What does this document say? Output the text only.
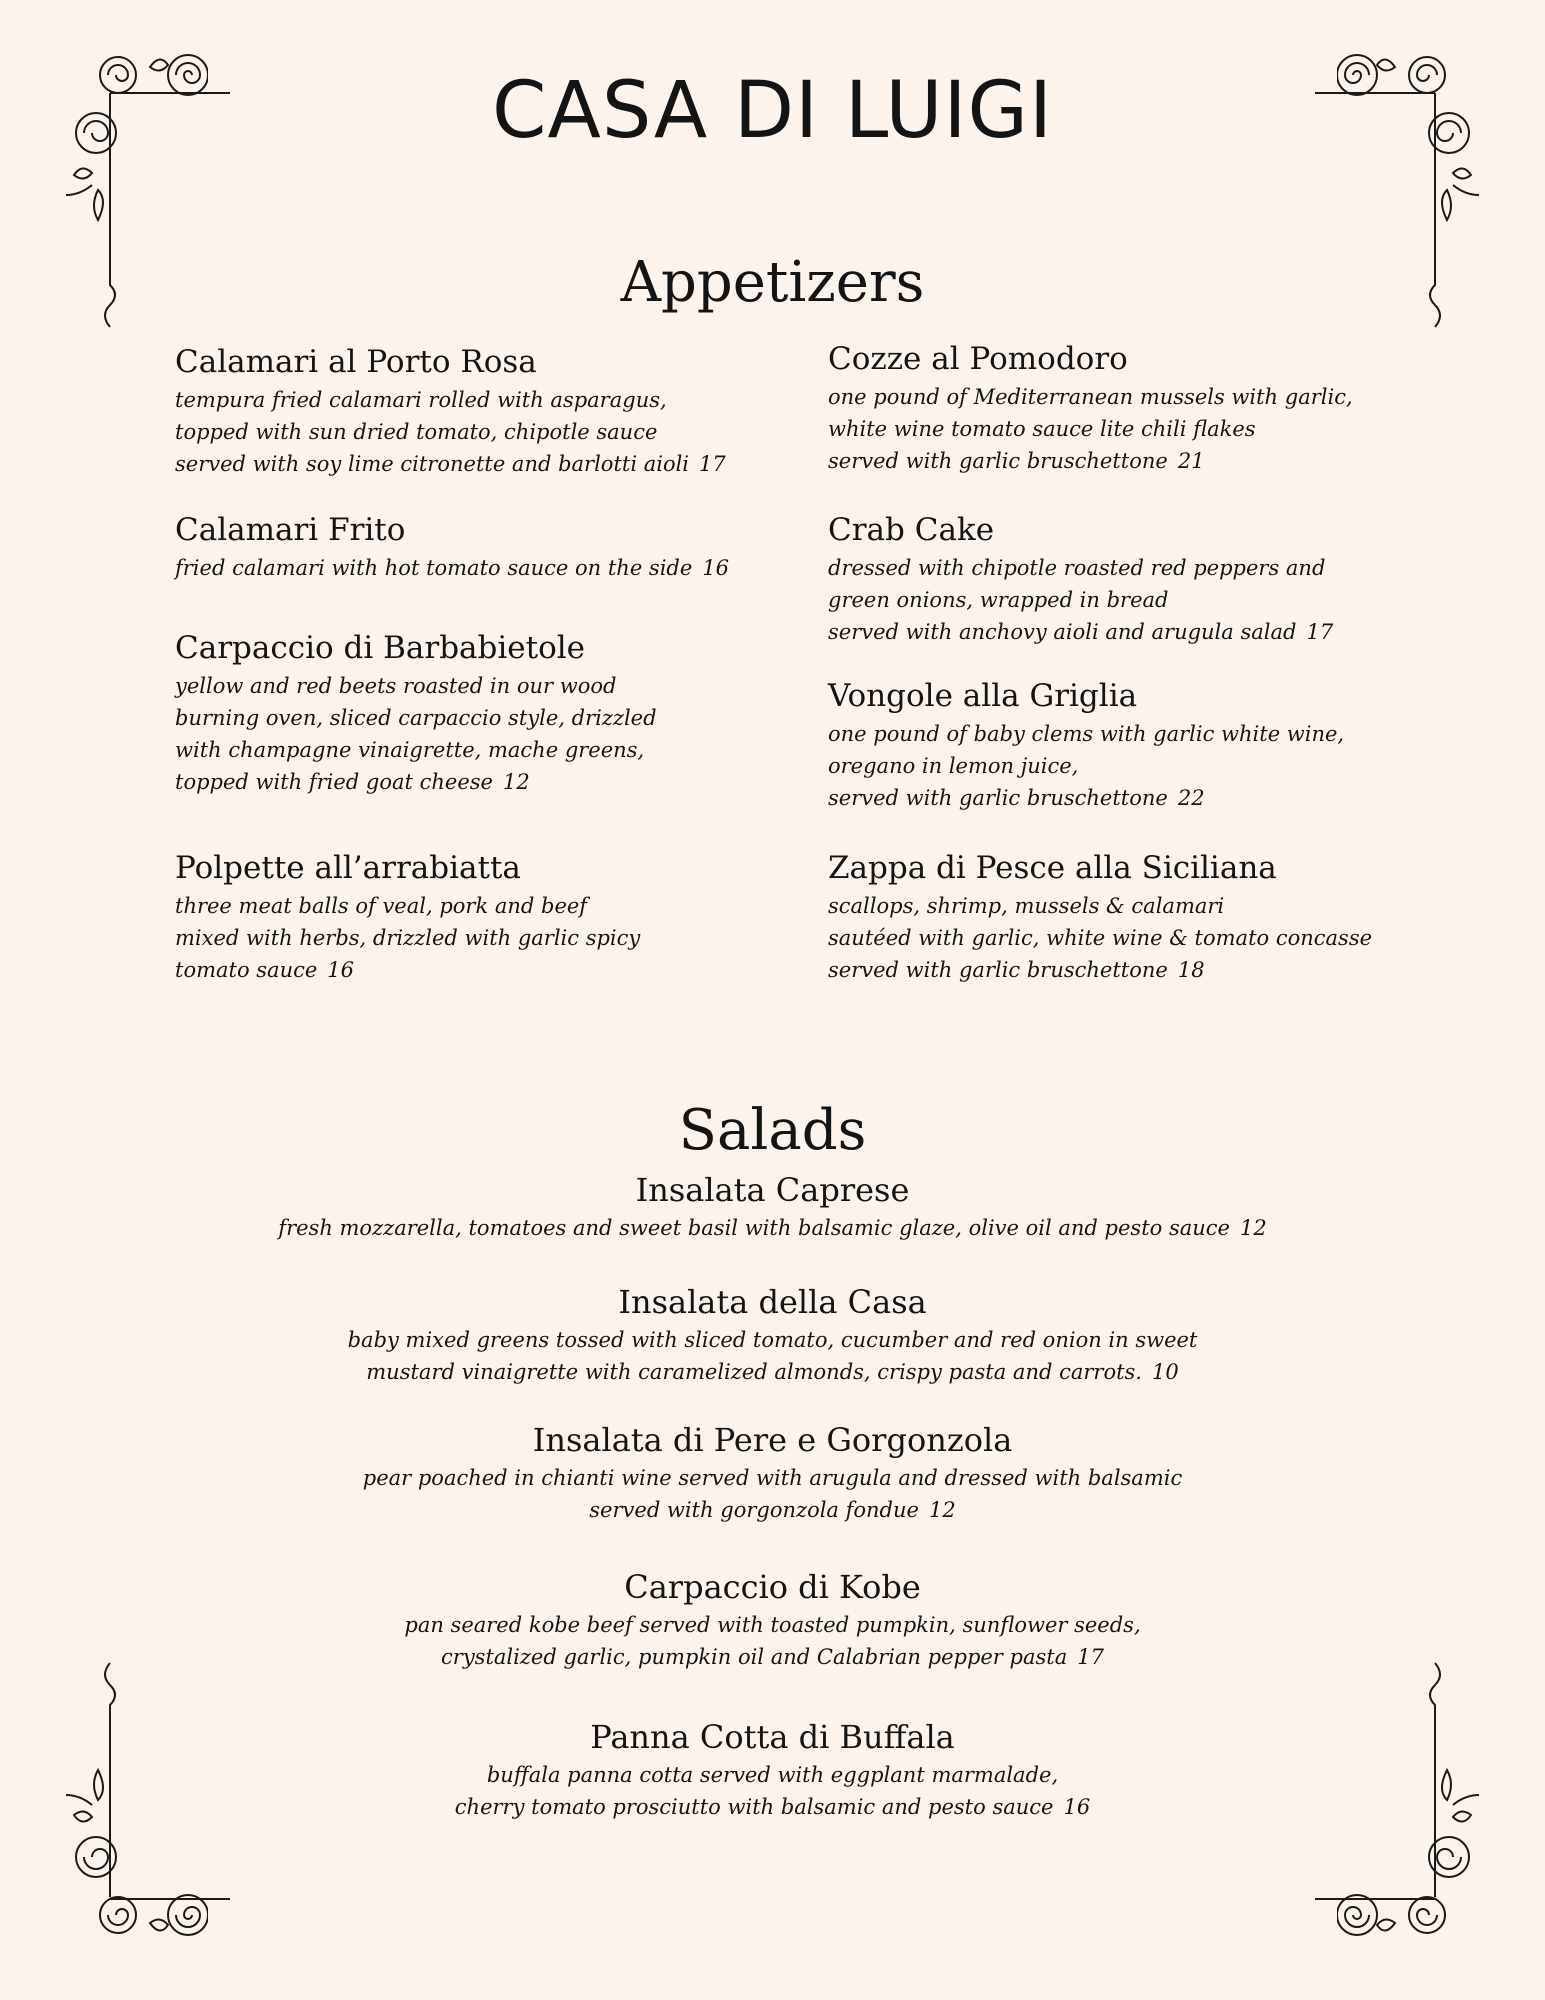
CASA DI LUIGI
Appetizers

Calamari al Porto Rosa

tempura fried calamari rolled with asparagus,
topped with sun dried tomato, chipotle sauce
served with soy lime citronette and barlotti aioli 17

Calamari Frito

fried calamari with hot tomato sauce on the side 16

Carpaccio di Barbabietole

yellow and red beets roasted in our wood
burning oven, sliced carpaccio style, drizzled
with champagne vinaigrette, mache greens,
topped with fried goat cheese 12

Polpette all’arrabiatta

three meat balls of veal, pork and beef
mixed with herbs, drizzled with garlic spicy
tomato sauce 16

Cozze al Pomodoro

one pound of Mediterranean mussels with garlic,
white wine tomato sauce lite chili flakes
served with garlic bruschettone 21

Crab Cake

dressed with chipotle roasted red peppers and
green onions, wrapped in bread
served with anchovy aioli and arugula salad 17

Vongole alla Griglia

one pound of baby clems with garlic white wine,
oregano in lemon juice,
served with garlic bruschettone 22

Zappa di Pesce alla Siciliana

scallops, shrimp, mussels & calamari
sautéed with garlic, white wine & tomato concasse
served with garlic bruschettone 18

Salads

Insalata Caprese

fresh mozzarella, tomatoes and sweet basil with balsamic glaze, olive oil and pesto sauce 12

Insalata della Casa

baby mixed greens tossed with sliced tomato, cucumber and red onion in sweet
mustard vinaigrette with caramelized almonds, crispy pasta and carrots. 10

Insalata di Pere e Gorgonzola

pear poached in chianti wine served with arugula and dressed with balsamic
served with gorgonzola fondue 12

Carpaccio di Kobe

pan seared kobe beef served with toasted pumpkin, sunflower seeds,
crystalized garlic, pumpkin oil and Calabrian pepper pasta 17

Panna Cotta di Buffala

buffala panna cotta served with eggplant marmalade,
cherry tomato prosciutto with balsamic and pesto sauce 16
